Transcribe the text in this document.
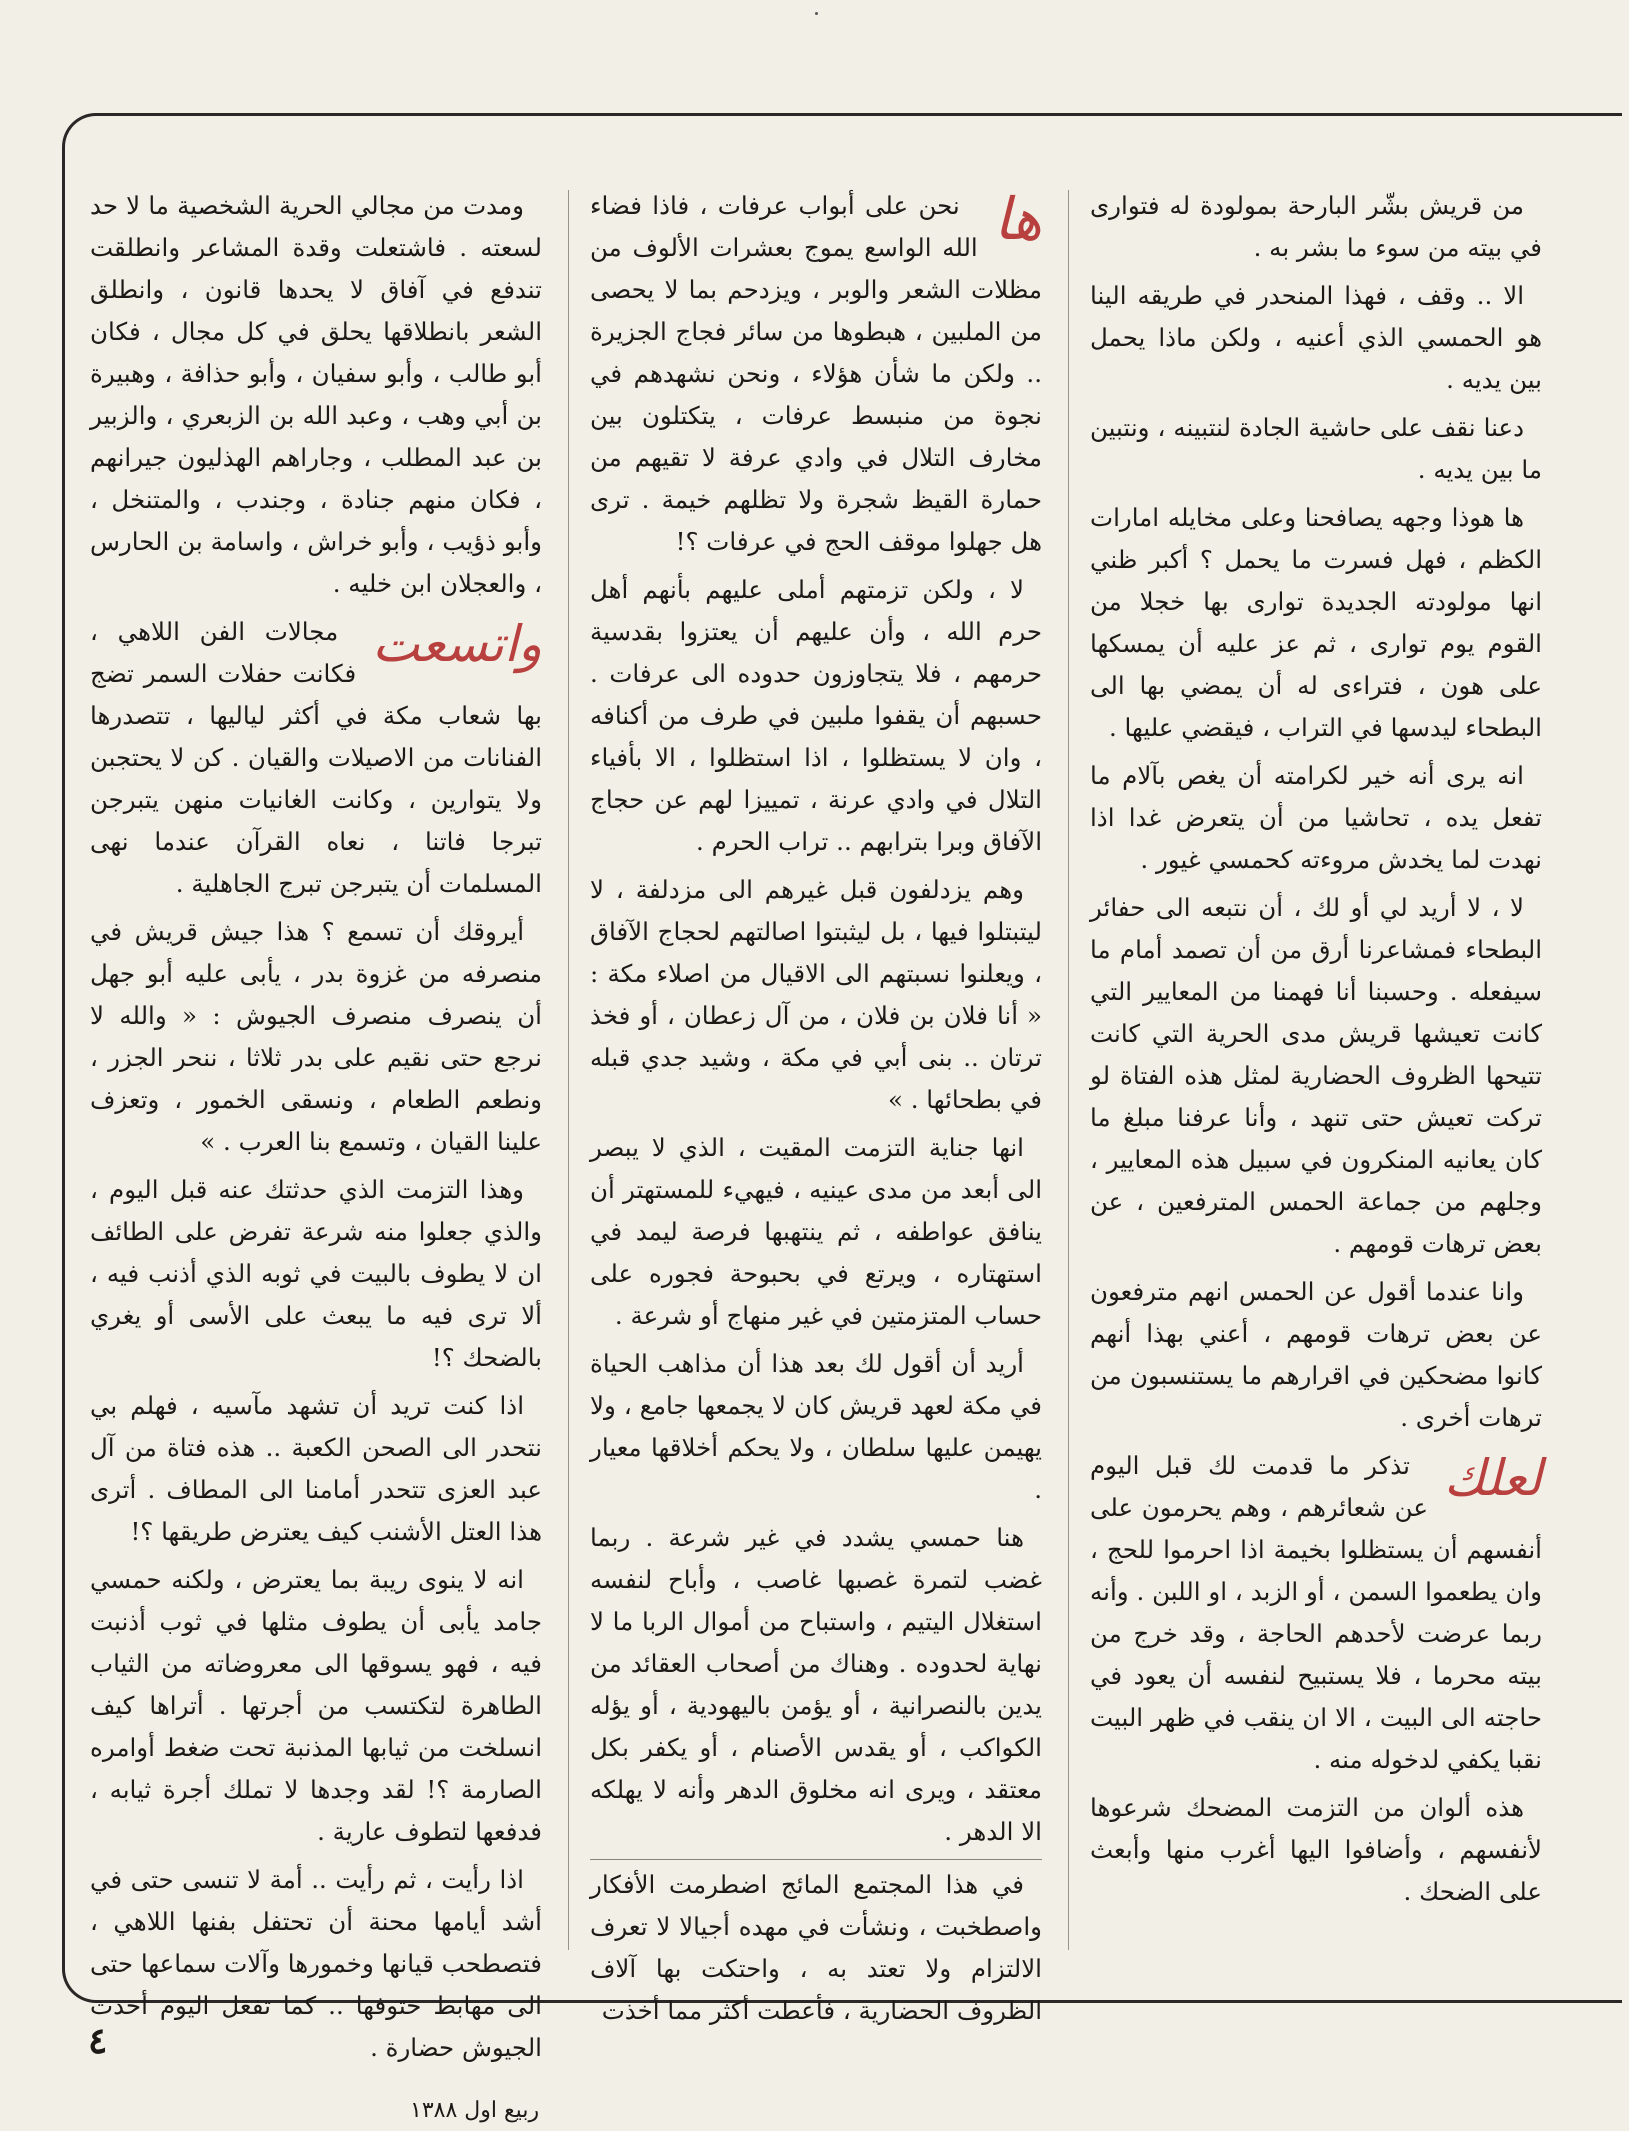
من قريش بشّر البارحة بمولودة له فتوارى في بيته من سوء ما بشر به .

الا .. وقف ، فهذا المنحدر في طريقه الينا هو الحمسي الذي أعنيه ، ولكن ماذا يحمل بين يديه .

دعنا نقف على حاشية الجادة لنتبينه ، ونتبين ما بين يديه .

ها هوذا وجهه يصافحنا وعلى مخايله امارات الكظم ، فهل فسرت ما يحمل ؟ أكبر ظني انها مولودته الجديدة توارى بها خجلا من القوم يوم توارى ، ثم عز عليه أن يمسكها على هون ، فتراءى له أن يمضي بها الى البطحاء ليدسها في التراب ، فيقضي عليها .

انه يرى أنه خير لكرامته أن يغص بآلام ما تفعل يده ، تحاشيا من أن يتعرض غدا اذا نهدت لما يخدش مروءته كحمسي غيور .

لا ، لا أريد لي أو لك ، أن نتبعه الى حفائر البطحاء فمشاعرنا أرق من أن تصمد أمام ما سيفعله . وحسبنا أنا فهمنا من المعايير التي كانت تعيشها قريش مدى الحرية التي كانت تتيحها الظروف الحضارية لمثل هذه الفتاة لو تركت تعيش حتى تنهد ، وأنا عرفنا مبلغ ما كان يعانيه المنكرون في سبيل هذه المعايير ، وجلهم من جماعة الحمس المترفعين ، عن بعض ترهات قومهم .

وانا عندما أقول عن الحمس انهم مترفعون عن بعض ترهات قومهم ، أعني بهذا أنهم كانوا مضحكين في اقرارهم ما يستنسبون من ترهات أخرى .

لعلك

تذكر ما قدمت لك قبل اليوم عن شعائرهم ، وهم يحرمون على أنفسهم أن يستظلوا بخيمة اذا احرموا للحج ، وان يطعموا السمن ، أو الزبد ، او اللبن . وأنه ربما عرضت لأحدهم الحاجة ، وقد خرج من بيته محرما ، فلا يستبيح لنفسه أن يعود في حاجته الى البيت ، الا ان ينقب في ظهر البيت نقبا يكفي لدخوله منه .

هذه ألوان من التزمت المضحك شرعوها لأنفسهم ، وأضافوا اليها أغرب منها وأبعث على الضحك .

ها

نحن على أبواب عرفات ، فاذا فضاء الله الواسع يموج بعشرات الألوف من مظلات الشعر والوبر ، ويزدحم بما لا يحصى من الملبين ، هبطوها من سائر فجاج الجزيرة .. ولكن ما شأن هؤلاء ، ونحن نشهدهم في نجوة من منبسط عرفات ، يتكتلون بين مخارف التلال في وادي عرفة لا تقيهم من حمارة القيظ شجرة ولا تظلهم خيمة . ترى هل جهلوا موقف الحج في عرفات ؟!

لا ، ولكن تزمتهم أملى عليهم بأنهم أهل حرم الله ، وأن عليهم أن يعتزوا بقدسية حرمهم ، فلا يتجاوزون حدوده الى عرفات . حسبهم أن يقفوا ملبين في طرف من أكنافه ، وان لا يستظلوا ، اذا استظلوا ، الا بأفياء التلال في وادي عرنة ، تمييزا لهم عن حجاج الآفاق وبرا بترابهم .. تراب الحرم .

وهم يزدلفون قبل غيرهم الى مزدلفة ، لا ليتبتلوا فيها ، بل ليثبتوا اصالتهم لحجاج الآفاق ، ويعلنوا نسبتهم الى الاقيال من اصلاء مكة : « أنا فلان بن فلان ، من آل زعطان ، أو فخذ ترتان .. بنى أبي في مكة ، وشيد جدي قبله في بطحائها . »

انها جناية التزمت المقيت ، الذي لا يبصر الى أبعد من مدى عينيه ، فيهيء للمستهتر أن ينافق عواطفه ، ثم ينتهبها فرصة ليمد في استهتاره ، ويرتع في بحبوحة فجوره على حساب المتزمتين في غير منهاج أو شرعة .

أريد أن أقول لك بعد هذا أن مذاهب الحياة في مكة لعهد قريش كان لا يجمعها جامع ، ولا يهيمن عليها سلطان ، ولا يحكم أخلاقها معيار .

هنا حمسي يشدد في غير شرعة . ربما غضب لتمرة غصبها غاصب ، وأباح لنفسه استغلال اليتيم ، واستباح من أموال الربا ما لا نهاية لحدوده . وهناك من أصحاب العقائد من يدين بالنصرانية ، أو يؤمن باليهودية ، أو يؤله الكواكب ، أو يقدس الأصنام ، أو يكفر بكل معتقد ، ويرى انه مخلوق الدهر وأنه لا يهلكه الا الدهر .

في هذا المجتمع المائج اضطرمت الأفكار واصطخبت ، ونشأت في مهده أجيالا لا تعرف الالتزام ولا تعتد به ، واحتكت بها آلاف الظروف الحضارية ، فأعطت أكثر مما أخذت

ومدت من مجالي الحرية الشخصية ما لا حد لسعته . فاشتعلت وقدة المشاعر وانطلقت تندفع في آفاق لا يحدها قانون ، وانطلق الشعر بانطلاقها يحلق في كل مجال ، فكان أبو طالب ، وأبو سفيان ، وأبو حذافة ، وهبيرة بن أبي وهب ، وعبد الله بن الزبعري ، والزبير بن عبد المطلب ، وجاراهم الهذليون جيرانهم ، فكان منهم جنادة ، وجندب ، والمتنخل ، وأبو ذؤيب ، وأبو خراش ، واسامة بن الحارس ، والعجلان ابن خليه .

واتسعت

مجالات الفن اللاهي ، فكانت حفلات السمر تضج بها شعاب مكة في أكثر لياليها ، تتصدرها الفنانات من الاصيلات والقيان . كن لا يحتجبن ولا يتوارين ، وكانت الغانيات منهن يتبرجن تبرجا فاتنا ، نعاه القرآن عندما نهى المسلمات أن يتبرجن تبرج الجاهلية .

أيروقك أن تسمع ؟ هذا جيش قريش في منصرفه من غزوة بدر ، يأبى عليه أبو جهل أن ينصرف منصرف الجيوش : « والله لا نرجع حتى نقيم على بدر ثلاثا ، ننحر الجزر ، ونطعم الطعام ، ونسقى الخمور ، وتعزف علينا القيان ، وتسمع بنا العرب . »

وهذا التزمت الذي حدثتك عنه قبل اليوم ، والذي جعلوا منه شرعة تفرض على الطائف ان لا يطوف بالبيت في ثوبه الذي أذنب فيه ، ألا ترى فيه ما يبعث على الأسى أو يغري بالضحك ؟!

اذا كنت تريد أن تشهد مآسيه ، فهلم بي نتحدر الى الصحن الكعبة .. هذه فتاة من آل عبد العزى تتحدر أمامنا الى المطاف . أترى هذا العتل الأشنب كيف يعترض طريقها ؟!

انه لا ينوى ريبة بما يعترض ، ولكنه حمسي جامد يأبى أن يطوف مثلها في ثوب أذنبت فيه ، فهو يسوقها الى معروضاته من الثياب الطاهرة لتكتسب من أجرتها . أتراها كيف انسلخت من ثيابها المذنبة تحت ضغط أوامره الصارمة ؟! لقد وجدها لا تملك أجرة ثيابه ، فدفعها لتطوف عارية .

اذا رأيت ، ثم رأيت .. أمة لا تنسى حتى في أشد أيامها محنة أن تحتفل بفنها اللاهي ، فتصطحب قيانها وخمورها وآلات سماعها حتى الى مهابط حتوفها .. كما تفعل اليوم أحدث الجيوش حضارة .

٤
ربيع اول ١٣٨٨
